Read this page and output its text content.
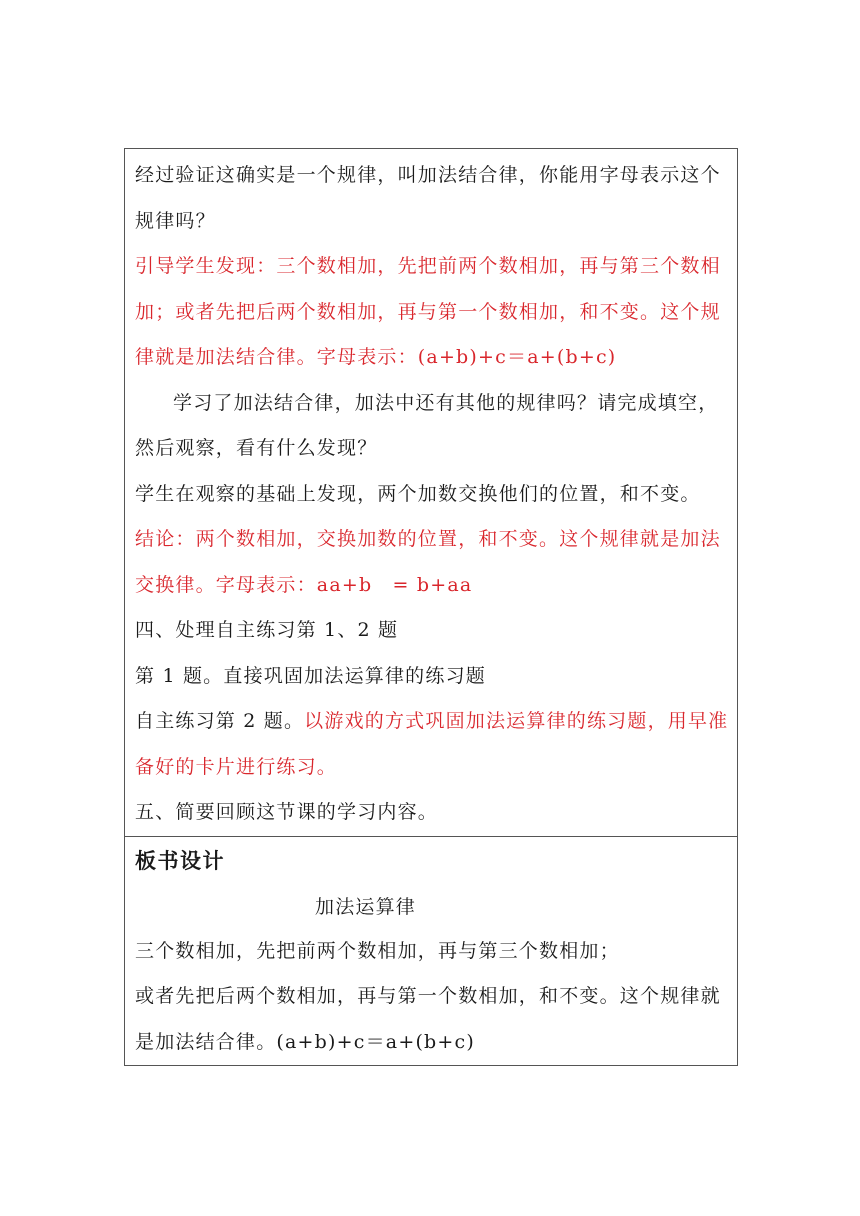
经过验证这确实是一个规律，叫加法结合律，你能用字母表示这个规律吗？

引导学生发现：三个数相加，先把前两个数相加，再与第三个数相加；或者先把后两个数相加，再与第一个数相加，和不变。这个规律就是加法结合律。字母表示：(a+b)+c＝a+(b+c)

学习了加法结合律，加法中还有其他的规律吗？请完成填空，然后观察，看有什么发现？

学生在观察的基础上发现，两个加数交换他们的位置，和不变。

结论：两个数相加，交换加数的位置，和不变。这个规律就是加法交换律。字母表示：aa+b　= b+aa

四、处理自主练习第 1、2 题

第 1 题。直接巩固加法运算律的练习题

自主练习第 2 题。以游戏的方式巩固加法运算律的练习题，用早准备好的卡片进行练习。

五、简要回顾这节课的学习内容。

板书设计

加法运算律

三个数相加，先把前两个数相加，再与第三个数相加；

或者先把后两个数相加，再与第一个数相加，和不变。这个规律就是加法结合律。(a+b)+c＝a+(b+c)
